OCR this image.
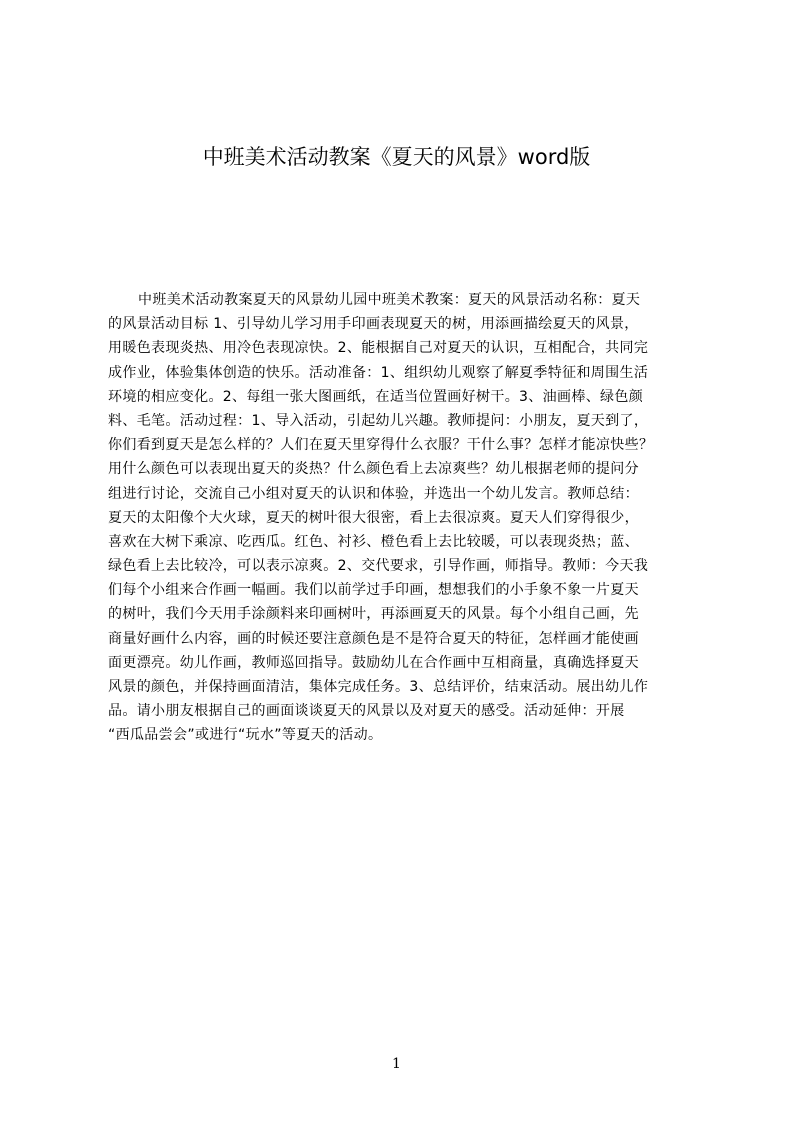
中班美术活动教案《夏天的风景》word版
中班美术活动教案夏天的风景幼儿园中班美术教案：夏天的风景活动名称：夏天
的风景活动目标 1、引导幼儿学习用手印画表现夏天的树，用添画描绘夏天的风景，
用暖色表现炎热、用冷色表现凉快。2、能根据自己对夏天的认识，互相配合，共同完
成作业，体验集体创造的快乐。活动准备：1、组织幼儿观察了解夏季特征和周围生活
环境的相应变化。2、每组一张大图画纸，在适当位置画好树干。3、油画棒、绿色颜
料、毛笔。活动过程：1、导入活动，引起幼儿兴趣。教师提问：小朋友，夏天到了，
你们看到夏天是怎么样的？人们在夏天里穿得什么衣服？干什么事？怎样才能凉快些？
用什么颜色可以表现出夏天的炎热？什么颜色看上去凉爽些？幼儿根据老师的提问分
组进行讨论，交流自己小组对夏天的认识和体验，并选出一个幼儿发言。教师总结：
夏天的太阳像个大火球，夏天的树叶很大很密，看上去很凉爽。夏天人们穿得很少，
喜欢在大树下乘凉、吃西瓜。红色、衬衫、橙色看上去比较暖，可以表现炎热；蓝、
绿色看上去比较冷，可以表示凉爽。2、交代要求，引导作画，师指导。教师：今天我
们每个小组来合作画一幅画。我们以前学过手印画，想想我们的小手象不象一片夏天
的树叶，我们今天用手涂颜料来印画树叶，再添画夏天的风景。每个小组自己画，先
商量好画什么内容，画的时候还要注意颜色是不是符合夏天的特征，怎样画才能使画
面更漂亮。幼儿作画，教师巡回指导。鼓励幼儿在合作画中互相商量，真确选择夏天
风景的颜色，并保持画面清洁，集体完成任务。3、总结评价，结束活动。展出幼儿作
品。请小朋友根据自己的画面谈谈夏天的风景以及对夏天的感受。活动延伸：开展
“西瓜品尝会”或进行“玩水”等夏天的活动。
1
